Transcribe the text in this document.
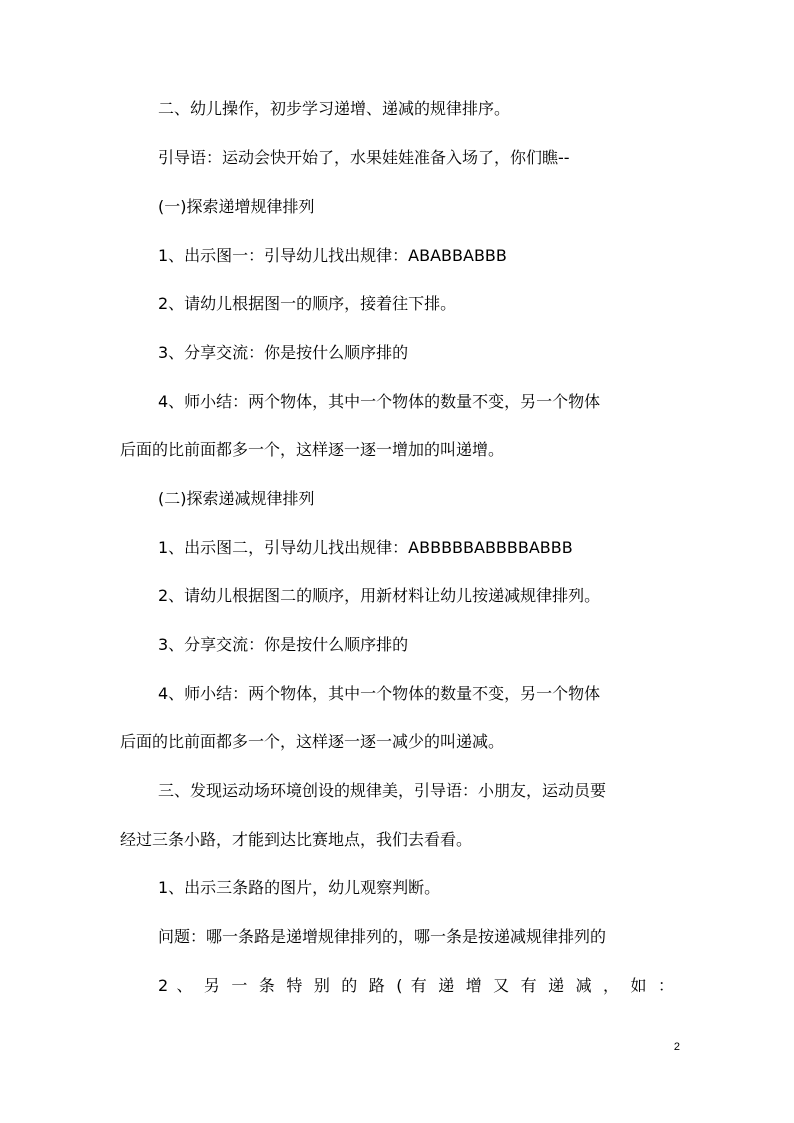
二、幼儿操作，初步学习递增、递减的规律排序。
引导语：运动会快开始了，水果娃娃准备入场了，你们瞧--
(一)探索递增规律排列
1、出示图一：引导幼儿找出规律：ABABBABBB
2、请幼儿根据图一的顺序，接着往下排。
3、分享交流：你是按什么顺序排的
4、师小结：两个物体，其中一个物体的数量不变，另一个物体
后面的比前面都多一个，这样逐一逐一增加的叫递增。
(二)探索递减规律排列
1、出示图二，引导幼儿找出规律：ABBBBBABBBBABBB
2、请幼儿根据图二的顺序，用新材料让幼儿按递减规律排列。
3、分享交流：你是按什么顺序排的
4、师小结：两个物体，其中一个物体的数量不变，另一个物体
后面的比前面都多一个，这样逐一逐一减少的叫递减。
三、发现运动场环境创设的规律美，引导语：小朋友，运动员要
经过三条小路，才能到达比赛地点，我们去看看。
1、出示三条路的图片，幼儿观察判断。
问题：哪一条路是递增规律排列的，哪一条是按递减规律排列的
2 、 另 一 条 特 别 的 路 ( 有 递 增 又 有 递 减 ， 如 ：
2
